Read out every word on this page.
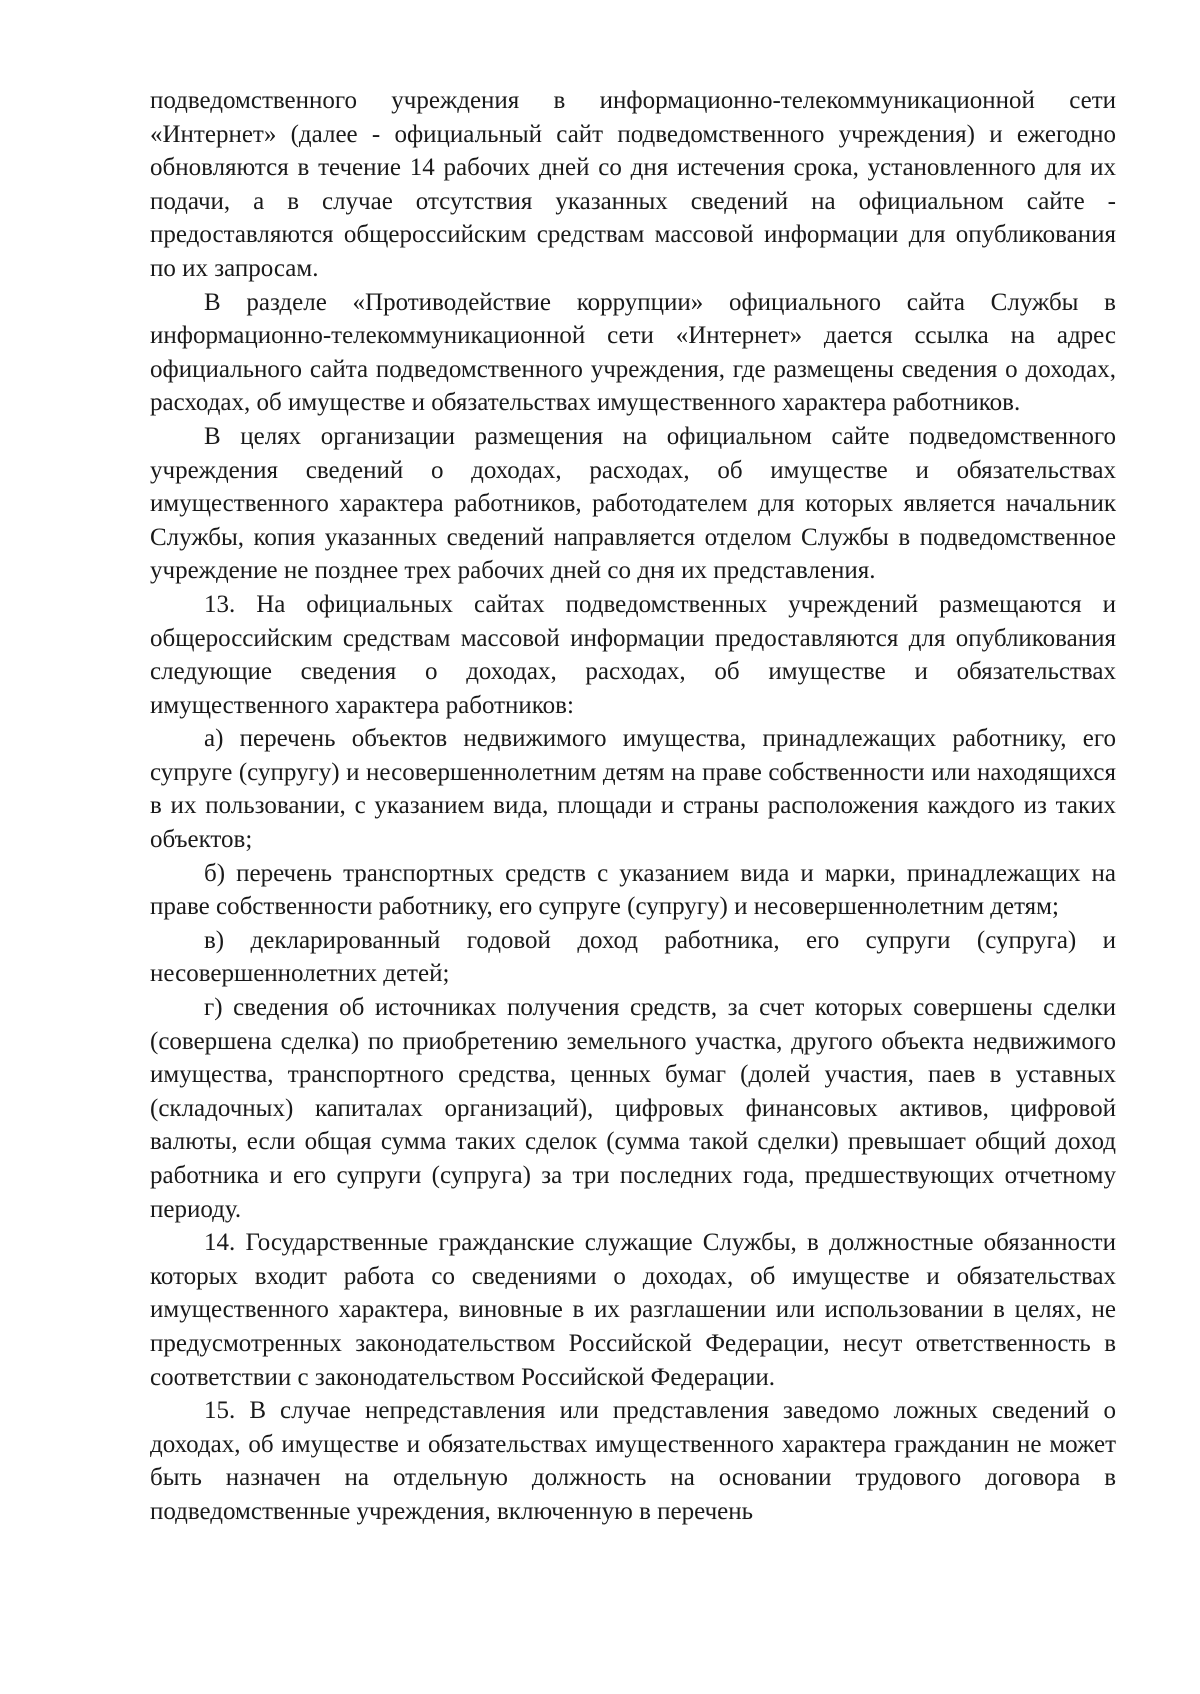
подведомственного учреждения в информационно-телекоммуникационной сети «Интернет» (далее - официальный сайт подведомственного учреждения) и ежегодно обновляются в течение 14 рабочих дней со дня истечения срока, установленного для их подачи, а в случае отсутствия указанных сведений на официальном сайте - предоставляются общероссийским средствам массовой информации для опубликования по их запросам.

В разделе «Противодействие коррупции» официального сайта Службы в информационно-телекоммуникационной сети «Интернет» дается ссылка на адрес официального сайта подведомственного учреждения, где размещены сведения о доходах, расходах, об имуществе и обязательствах имущественного характера работников.

В целях организации размещения на официальном сайте подведомственного учреждения сведений о доходах, расходах, об имуществе и обязательствах имущественного характера работников, работодателем для которых является начальник Службы, копия указанных сведений направляется отделом Службы в подведомственное учреждение не позднее трех рабочих дней со дня их представления.

13. На официальных сайтах подведомственных учреждений размещаются и общероссийским средствам массовой информации предоставляются для опубликования следующие сведения о доходах, расходах, об имуществе и обязательствах имущественного характера работников:

а) перечень объектов недвижимого имущества, принадлежащих работнику, его супруге (супругу) и несовершеннолетним детям на праве собственности или находящихся в их пользовании, с указанием вида, площади и страны расположения каждого из таких объектов;

б) перечень транспортных средств с указанием вида и марки, принадлежащих на праве собственности работнику, его супруге (супругу) и несовершеннолетним детям;

в) декларированный годовой доход работника, его супруги (супруга) и несовершеннолетних детей;

г) сведения об источниках получения средств, за счет которых совершены сделки (совершена сделка) по приобретению земельного участка, другого объекта недвижимого имущества, транспортного средства, ценных бумаг (долей участия, паев в уставных (складочных) капиталах организаций), цифровых финансовых активов, цифровой валюты, если общая сумма таких сделок (сумма такой сделки) превышает общий доход работника и его супруги (супруга) за три последних года, предшествующих отчетному периоду.

14. Государственные гражданские служащие Службы, в должностные обязанности которых входит работа со сведениями о доходах, об имуществе и обязательствах имущественного характера, виновные в их разглашении или использовании в целях, не предусмотренных законодательством Российской Федерации, несут ответственность в соответствии с законодательством Российской Федерации.

15. В случае непредставления или представления заведомо ложных сведений о доходах, об имуществе и обязательствах имущественного характера гражданин не может быть назначен на отдельную должность на основании трудового договора в подведомственные учреждения, включенную в перечень
